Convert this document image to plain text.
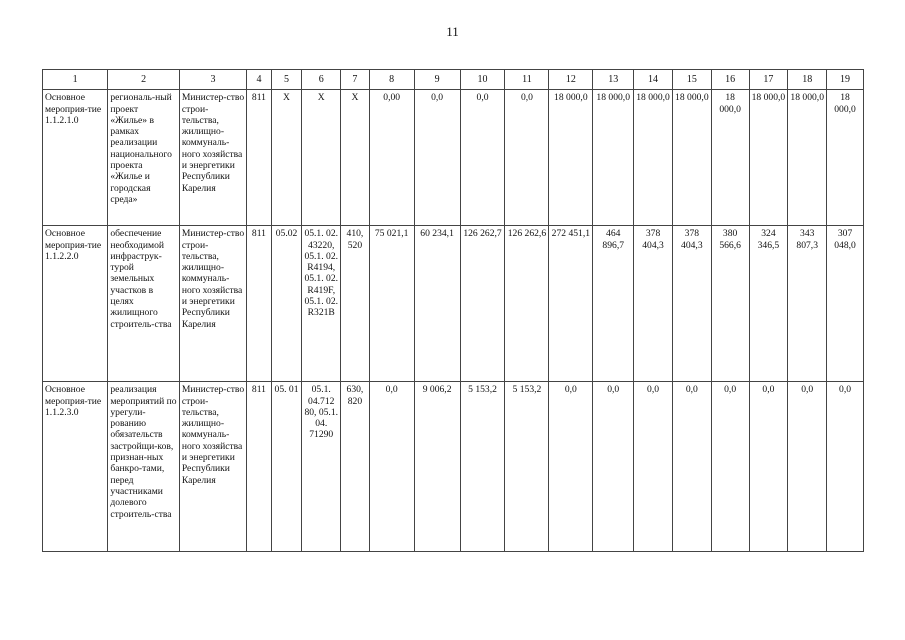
11
1	2	3	4	5	6	7	8	9	10	11	12	13	14	15	16	17	18	19
Основное мероприя-тие 1.1.2.1.0	региональ-ный проект «Жилье» в рамках реализации национального проекта «Жилье и городская среда»	Министер-ство строи-тельства, жилищно-коммуналь-ного хозяйства и энергетики Республики Карелия	811	X	X	X	0,00	0,0	0,0	0,0	18 000,0	18 000,0	18 000,0	18 000,0	18 000,0	18 000,0	18 000,0	18 000,0
Основное мероприя-тие 1.1.2.2.0	обеспечение необходимой инфраструк-турой земельных участков в целях жилищного строитель-ства	Министер-ство строи-тельства, жилищно-коммуналь-ного хозяйства и энергетики Республики Карелия	811	05.02	05.1. 02. 43220, 05.1. 02. R4194, 05.1. 02. R419F, 05.1. 02. R321B	410, 520	75 021,1	60 234,1	126 262,7	126 262,6	272 451,1	464 896,7	378 404,3	378 404,3	380 566,6	324 346,5	343 807,3	307 048,0
Основное мероприя-тие 1.1.2.3.0	реализация мероприятий по урегули-рованию обязательств застройщи-ков, признан-ных банкро-тами, перед участниками долевого строитель-ства	Министер-ство строи-тельства, жилищно-коммуналь-ного хозяйства и энергетики Республики Карелия	811	05. 01	05.1. 04.712 80, 05.1. 04. 71290	630, 820	0,0	9 006,2	5 153,2	5 153,2	0,0	0,0	0,0	0,0	0,0	0,0	0,0	0,0
